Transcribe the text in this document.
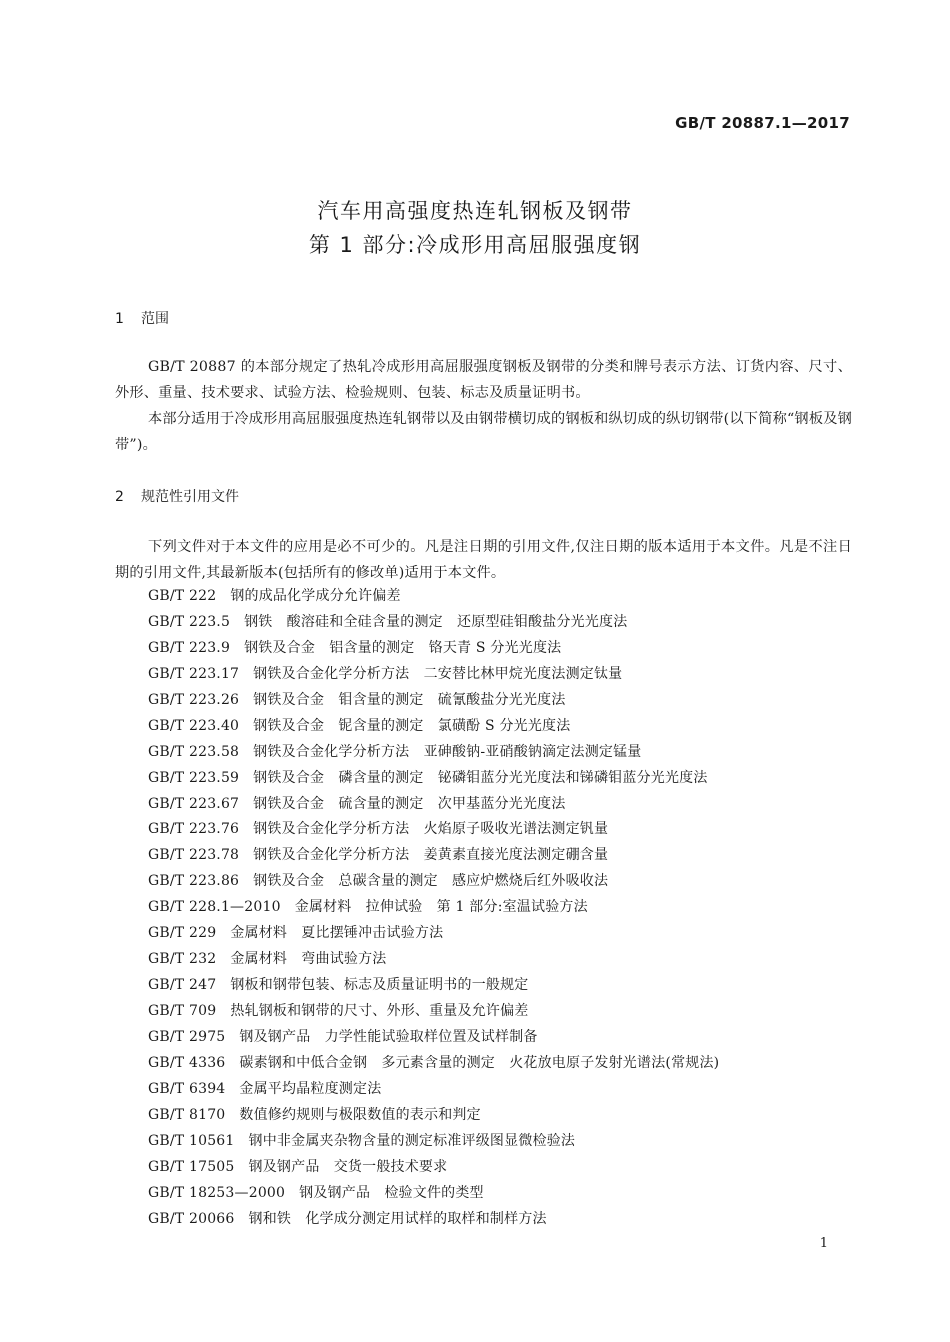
GB/T 20887.1—2017
汽车用高强度热连轧钢板及钢带
第 1 部分:冷成形用高屈服强度钢
1 范围

GB/T 20887 的本部分规定了热轧冷成形用高屈服强度钢板及钢带的分类和牌号表示方法、订货内容、尺寸、外形、重量、技术要求、试验方法、检验规则、包装、标志及质量证明书。

本部分适用于冷成形用高屈服强度热连轧钢带以及由钢带横切成的钢板和纵切成的纵切钢带(以下简称“钢板及钢带”)。

2 规范性引用文件

下列文件对于本文件的应用是必不可少的。凡是注日期的引用文件,仅注日期的版本适用于本文件。凡是不注日期的引用文件,其最新版本(包括所有的修改单)适用于本文件。

GB/T 222 钢的成品化学成分允许偏差
GB/T 223.5 钢铁　酸溶硅和全硅含量的测定　还原型硅钼酸盐分光光度法
GB/T 223.9 钢铁及合金　铝含量的测定　铬天青 S 分光光度法
GB/T 223.17 钢铁及合金化学分析方法　二安替比林甲烷光度法测定钛量
GB/T 223.26 钢铁及合金　钼含量的测定　硫氰酸盐分光光度法
GB/T 223.40 钢铁及合金　铌含量的测定　氯磺酚 S 分光光度法
GB/T 223.58 钢铁及合金化学分析方法　亚砷酸钠-亚硝酸钠滴定法测定锰量
GB/T 223.59 钢铁及合金　磷含量的测定　铋磷钼蓝分光光度法和锑磷钼蓝分光光度法
GB/T 223.67 钢铁及合金　硫含量的测定　次甲基蓝分光光度法
GB/T 223.76 钢铁及合金化学分析方法　火焰原子吸收光谱法测定钒量
GB/T 223.78 钢铁及合金化学分析方法　姜黄素直接光度法测定硼含量
GB/T 223.86 钢铁及合金　总碳含量的测定　感应炉燃烧后红外吸收法
GB/T 228.1—2010 金属材料　拉伸试验　第 1 部分:室温试验方法
GB/T 229 金属材料　夏比摆锤冲击试验方法
GB/T 232 金属材料　弯曲试验方法
GB/T 247 钢板和钢带包装、标志及质量证明书的一般规定
GB/T 709 热轧钢板和钢带的尺寸、外形、重量及允许偏差
GB/T 2975 钢及钢产品　力学性能试验取样位置及试样制备
GB/T 4336 碳素钢和中低合金钢　多元素含量的测定　火花放电原子发射光谱法(常规法)
GB/T 6394 金属平均晶粒度测定法
GB/T 8170 数值修约规则与极限数值的表示和判定
GB/T 10561 钢中非金属夹杂物含量的测定标准评级图显微检验法
GB/T 17505 钢及钢产品　交货一般技术要求
GB/T 18253—2000 钢及钢产品　检验文件的类型
GB/T 20066 钢和铁　化学成分测定用试样的取样和制样方法
1
